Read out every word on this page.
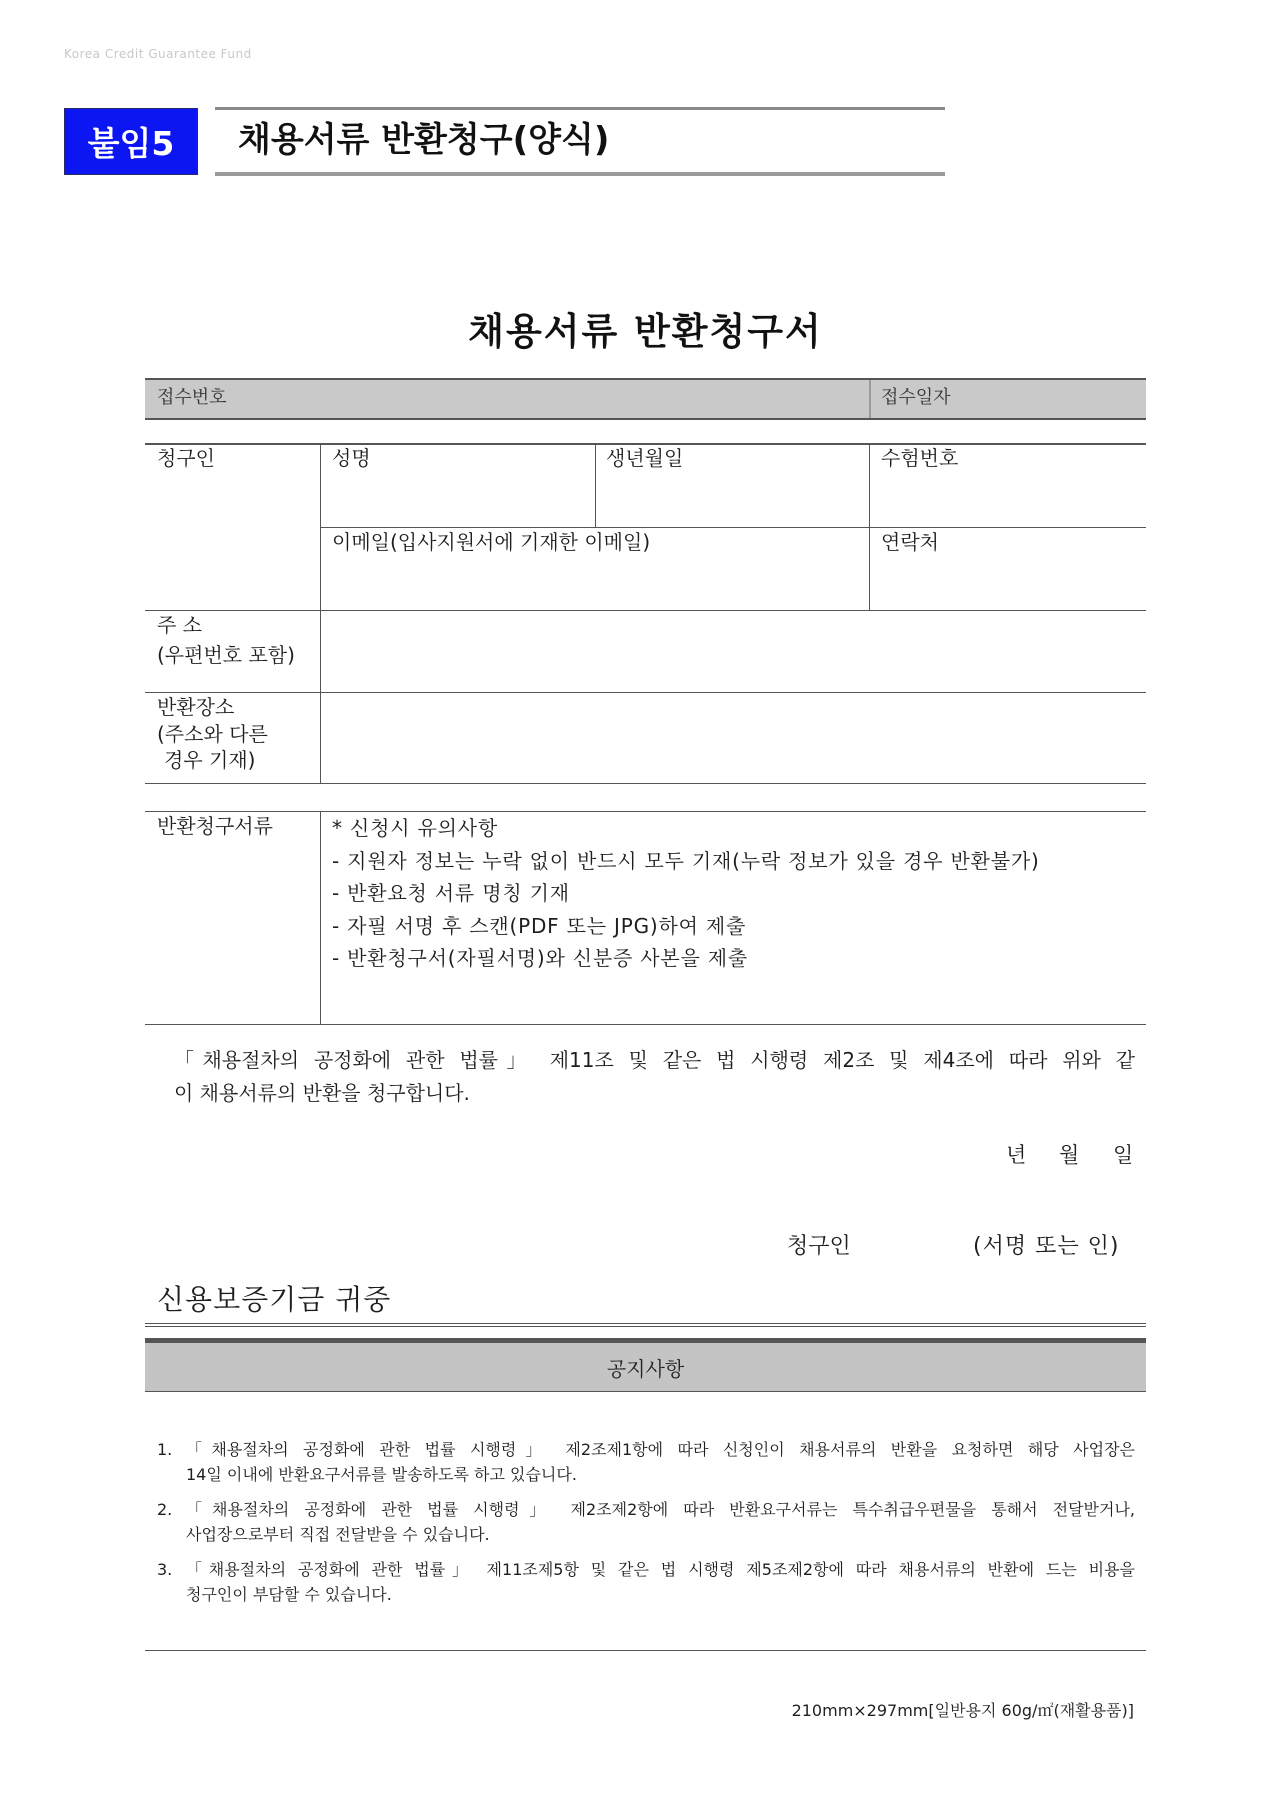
Korea Credit Guarantee Fund
붙임5	채용서류 반환청구(양식)
채용서류 반환청구서
접수번호	접수일자
청구인	성명	생년월일	수험번호
이메일(입사지원서에 기재한 이메일)	연락처
주 소
(우편번호 포함)
반환장소
(주소와 다른
경우 기재)
반환청구서류	* 신청시 유의사항
- 지원자 정보는 누락 없이 반드시 모두 기재(누락 정보가 있을 경우 반환불가)
- 반환요청 서류 명칭 기재
- 자필 서명 후 스캔(PDF 또는 JPG)하여 제출
- 반환청구서(자필서명)와 신분증 사본을 제출
「채용절차의 공정화에 관한 법률」 제11조 및 같은 법 시행령 제2조 및 제4조에 따라 위와 같
이 채용서류의 반환을 청구합니다.
년 월 일
청구인	(서명 또는 인)
신용보증기금 귀중
공지사항
1. 「채용절차의 공정화에 관한 법률 시행령」 제2조제1항에 따라 신청인이 채용서류의 반환을 요청하면 해당 사업장은
14일 이내에 반환요구서류를 발송하도록 하고 있습니다.
2. 「채용절차의 공정화에 관한 법률 시행령」 제2조제2항에 따라 반환요구서류는 특수취급우편물을 통해서 전달받거나,
사업장으로부터 직접 전달받을 수 있습니다.
3. 「채용절차의 공정화에 관한 법률」 제11조제5항 및 같은 법 시행령 제5조제2항에 따라 채용서류의 반환에 드는 비용을
청구인이 부담할 수 있습니다.
210mm×297mm[일반용지 60g/㎡(재활용품)]
